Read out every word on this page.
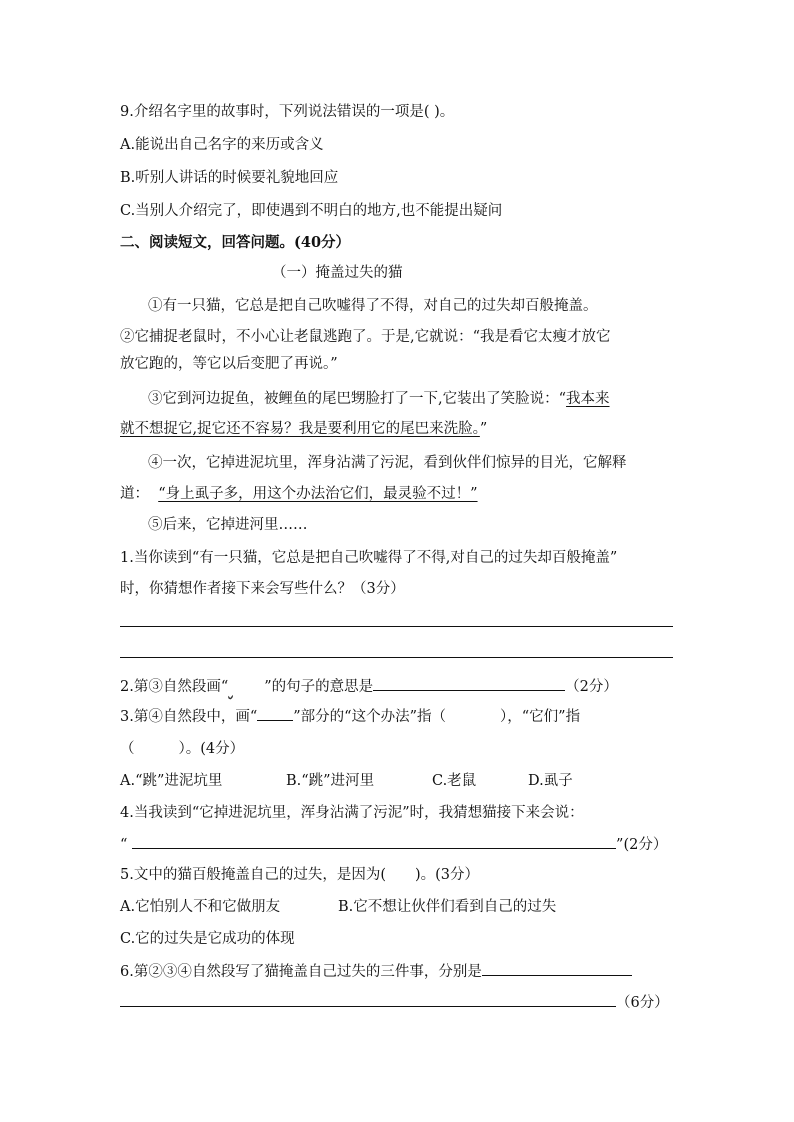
9.介绍名字里的故事时，下列说法错误的一项是( )。
A.能说出自己名字的来历或含义
B.听别人讲话的时候要礼貌地回应
C.当别人介绍完了，即使遇到不明白的地方,也不能提出疑问
二、阅读短文，回答问题。(40分）
（一）掩盖过失的猫
①有一只猫，它总是把自己吹嘘得了不得，对自己的过失却百般掩盖。
②它捕捉老鼠时，不小心让老鼠逃跑了。于是,它就说：“我是看它太瘦才放它
放它跑的，等它以后变肥了再说。”
③它到河边捉鱼，被鲤鱼的尾巴甥脸打了一下,它装出了笑脸说：“我本来
就不想捉它,捉它还不容易？我是要利用它的尾巴来洗脸。”
④一次，它掉进泥坑里，浑身沾满了污泥，看到伙伴们惊异的目光，它解释
道： “身上虱子多，用这个办法治它们，最灵验不过！”
⑤后来，它掉进河里……
1.当你读到“有一只猫，它总是把自己吹嘘得了不得,对自己的过失却百般掩盖”
时，你猜想作者接下来会写些什么？（3分）
2.第③自然段画“ ”的句子的意思是	（2分）
3.第④自然段中，画“ ”部分的“这个办法”指（	），“它们”指
（	）。(4分）
A.“跳”进泥坑里	B.“跳”进河里	C.老鼠	D.虱子
4.当我读到“它掉进泥坑里，浑身沾满了污泥”时，我猜想猫接下来会说：
“	”(2分）
5.文中的猫百般掩盖自己的过失，是因为(　　)。(3分）
A.它怕别人不和它做朋友	B.它不想让伙伴们看到自己的过失
C.它的过失是它成功的体现
6.第②③④自然段写了猫掩盖自己过失的三件事，分别是
（6分）
